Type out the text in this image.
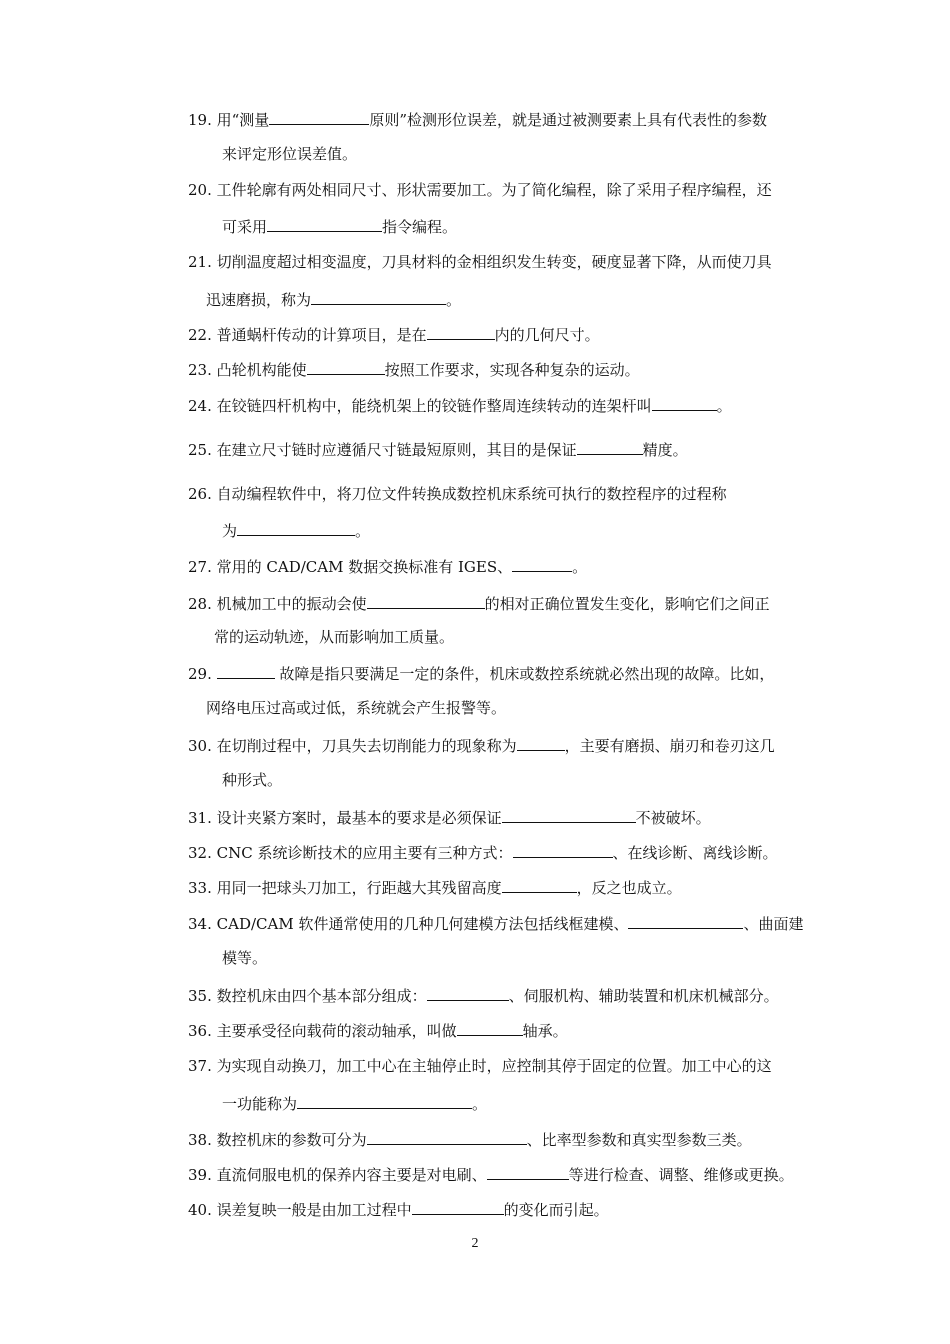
19. 用“测量	原则”检测形位误差，就是通过被测要素上具有代表性的参数
来评定形位误差值。
20. 工件轮廓有两处相同尺寸、形状需要加工。为了简化编程，除了采用子程序编程，还
可采用	指令编程。
21. 切削温度超过相变温度，刀具材料的金相组织发生转变，硬度显著下降，从而使刀具
迅速磨损，称为	。
22. 普通蜗杆传动的计算项目，是在	内的几何尺寸。
23. 凸轮机构能使	按照工作要求，实现各种复杂的运动。
24. 在铰链四杆机构中，能绕机架上的铰链作整周连续转动的连架杆叫	。
25. 在建立尺寸链时应遵循尺寸链最短原则，其目的是保证	精度。
26. 自动编程软件中，将刀位文件转换成数控机床系统可执行的数控程序的过程称
为	。
27. 常用的 CAD/CAM 数据交换标准有 IGES、	。
28. 机械加工中的振动会使	的相对正确位置发生变化，影响它们之间正
常的运动轨迹，从而影响加工质量。
29.	故障是指只要满足一定的条件，机床或数控系统就必然出现的故障。比如，
网络电压过高或过低，系统就会产生报警等。
30. 在切削过程中，刀具失去切削能力的现象称为	，主要有磨损、崩刃和卷刃这几
种形式。
31. 设计夹紧方案时，最基本的要求是必须保证	不被破坏。
32. CNC 系统诊断技术的应用主要有三种方式：	、在线诊断、离线诊断。
33. 用同一把球头刀加工，行距越大其残留高度	，反之也成立。
34. CAD/CAM 软件通常使用的几种几何建模方法包括线框建模、	、曲面建
模等。
35. 数控机床由四个基本部分组成：	、伺服机构、辅助装置和机床机械部分。
36. 主要承受径向载荷的滚动轴承，叫做	轴承。
37. 为实现自动换刀，加工中心在主轴停止时，应控制其停于固定的位置。加工中心的这
一功能称为	。
38. 数控机床的参数可分为	、比率型参数和真实型参数三类。
39. 直流伺服电机的保养内容主要是对电刷、	等进行检查、调整、维修或更换。
40. 误差复映一般是由加工过程中	的变化而引起。
2
